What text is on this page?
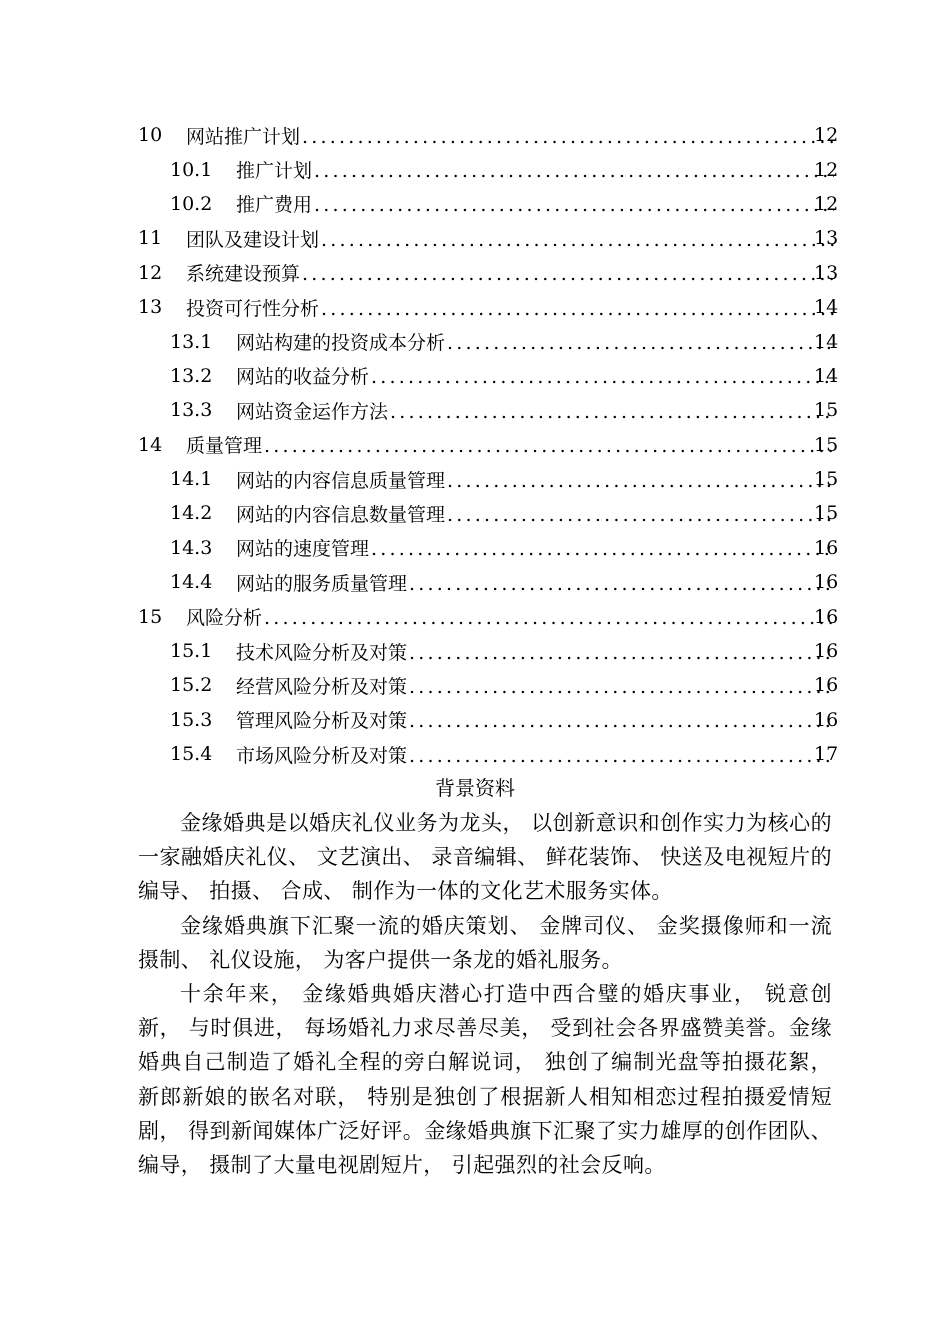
10 网站推广计划 .....	12
10.1 推广计划 .....	12
10.2 推广费用 .....	12
11 团队及建设计划 .....	13
12 系统建设预算 .....	13
13 投资可行性分析 .....	14
13.1 网站构建的投资成本分析 .....	14
13.2 网站的收益分析 .....	14
13.3 网站资金运作方法 .....	15
14 质量管理 .....	15
14.1 网站的内容信息质量管理 .....	15
14.2 网站的内容信息数量管理 .....	15
14.3 网站的速度管理 .....	16
14.4 网站的服务质量管理 .....	16
15 风险分析 .....	16
15.1 技术风险分析及对策 .....	16
15.2 经营风险分析及对策 .....	16
15.3 管理风险分析及对策 .....	16
15.4 市场风险分析及对策 .....	17
背景资料

金缘婚典是以婚庆礼仪业务为龙头， 以创新意识和创作实力为核心的一家融婚庆礼仪、 文艺演出、 录音编辑、 鲜花装饰、 快送及电视短片的编导、 拍摄、 合成、 制作为一体的文化艺术服务实体。

金缘婚典旗下汇聚一流的婚庆策划、 金牌司仪、 金奖摄像师和一流摄制、 礼仪设施， 为客户提供一条龙的婚礼服务。

十余年来， 金缘婚典婚庆潜心打造中西合璧的婚庆事业， 锐意创新， 与时俱进， 每场婚礼力求尽善尽美， 受到社会各界盛赞美誉。金缘婚典自己制造了婚礼全程的旁白解说词， 独创了编制光盘等拍摄花絮， 新郎新娘的嵌名对联， 特别是独创了根据新人相知相恋过程拍摄爱情短剧， 得到新闻媒体广泛好评。金缘婚典旗下汇聚了实力雄厚的创作团队、 编导， 摄制了大量电视剧短片， 引起强烈的社会反响。
